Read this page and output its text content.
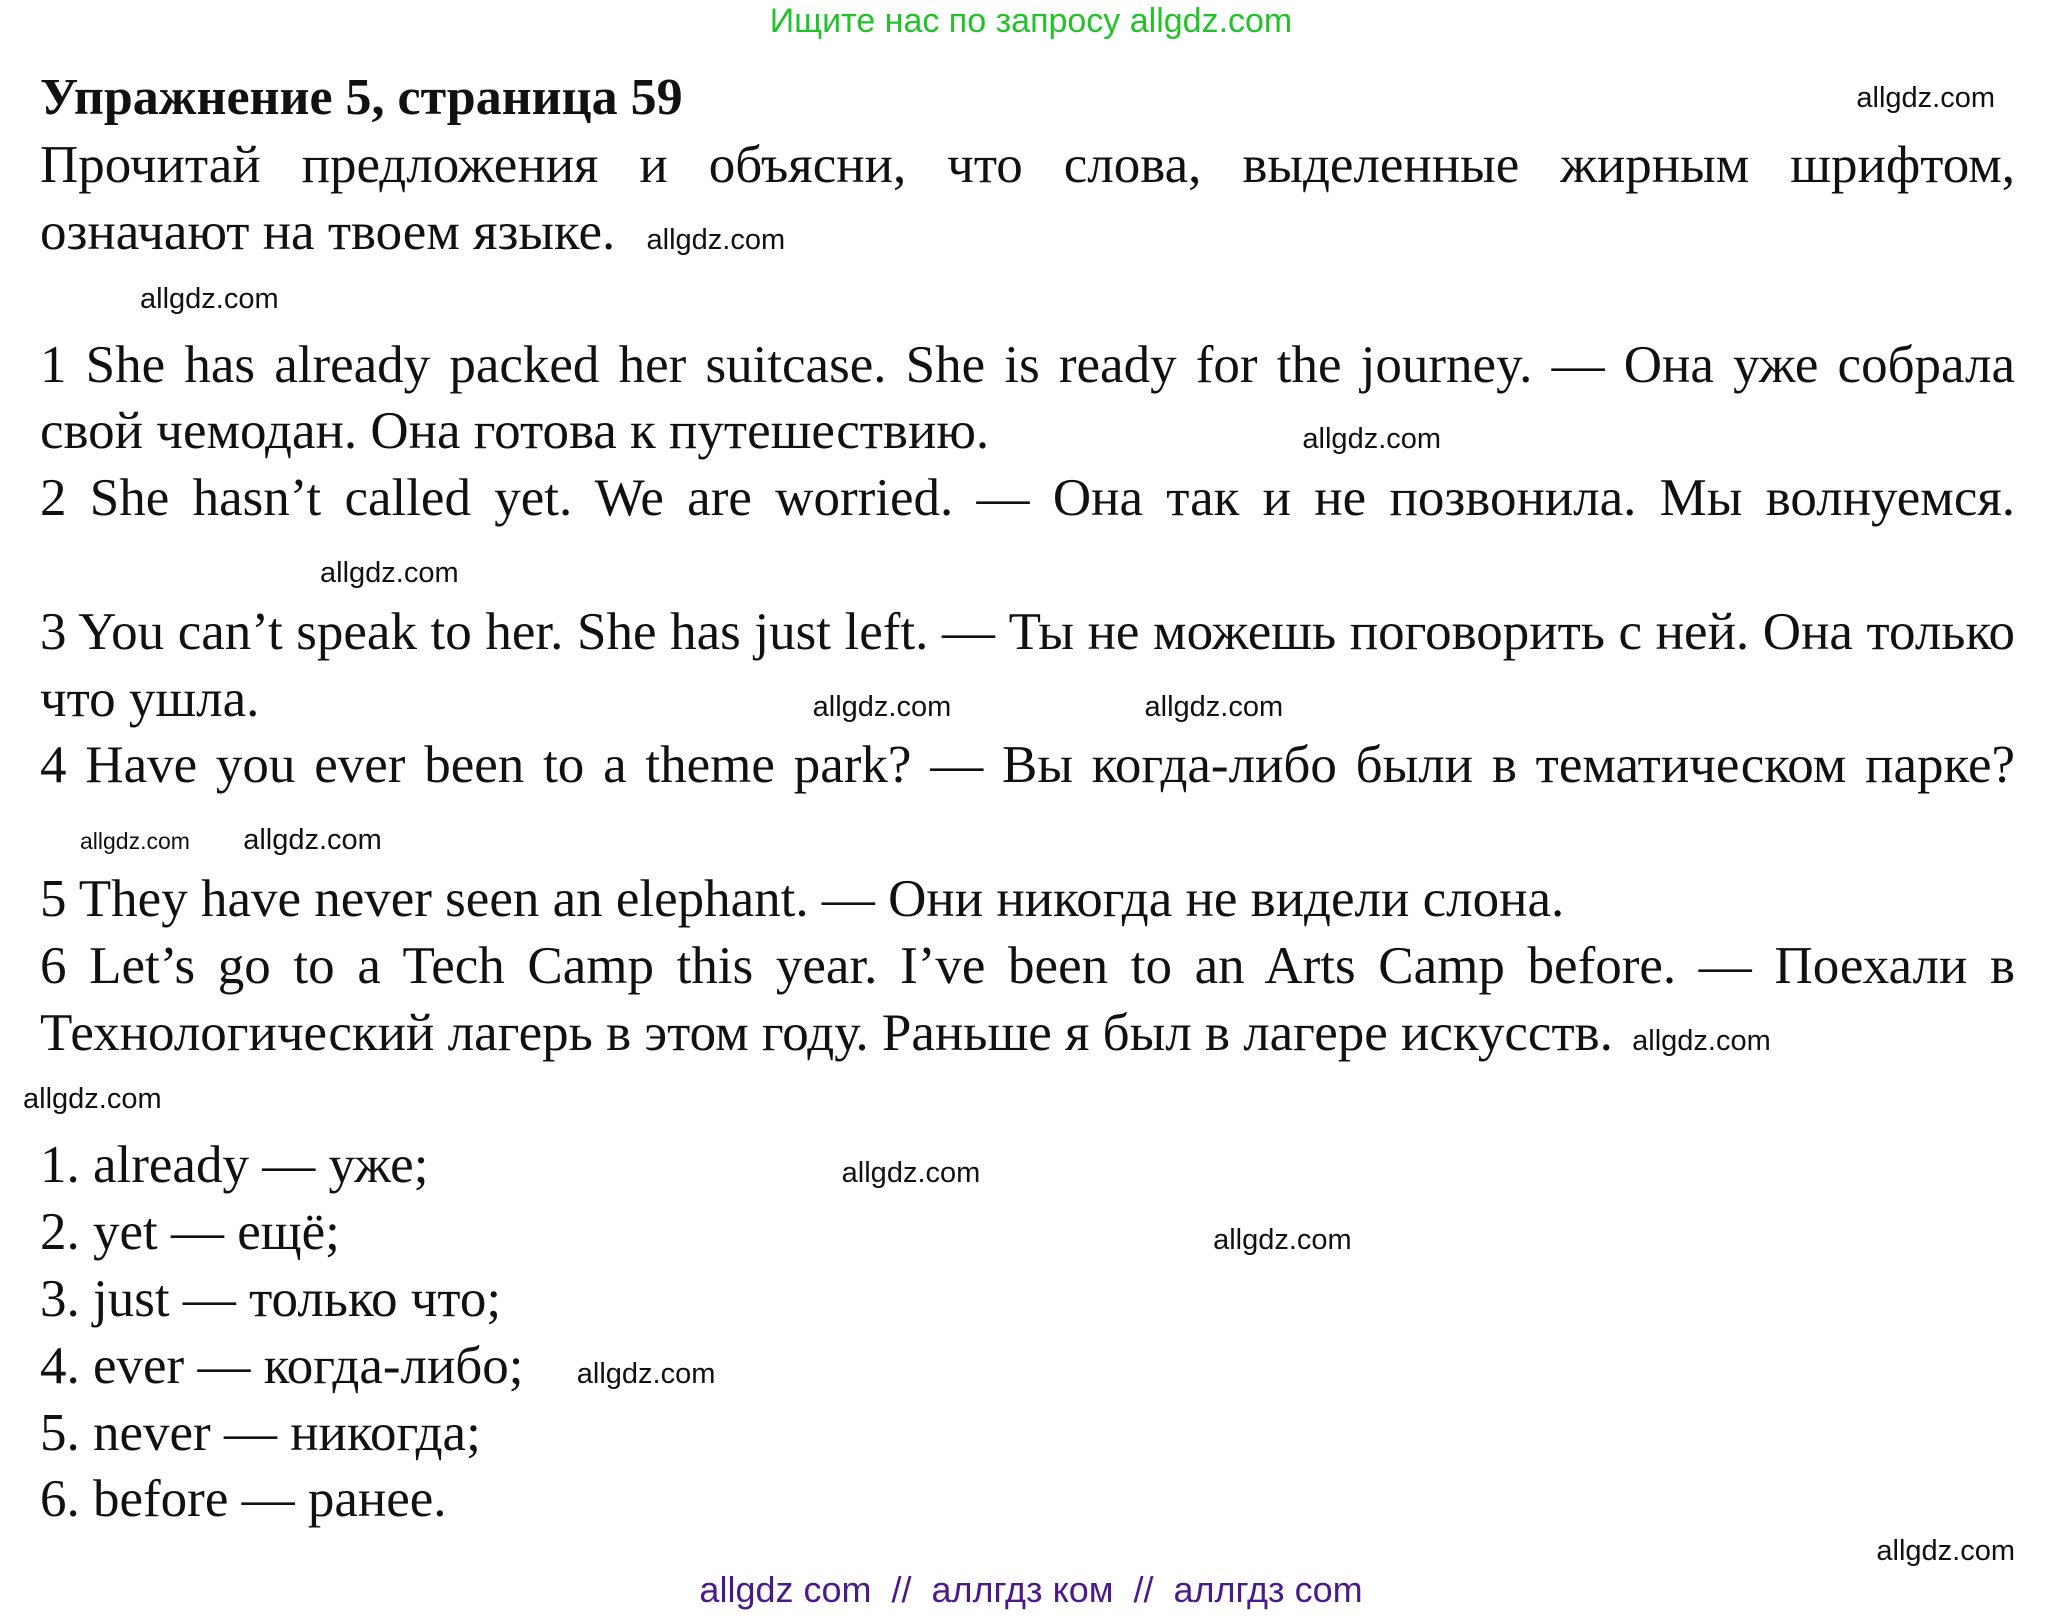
Ищите нас по запросу allgdz.com
Упражнение 5, страница 59	allgdz.com

Прочитай предложения и объясни, что слова, выделенные жирным шрифтом, означают на твоем языке. allgdz.com

allgdz.com

1 She has already packed her suitcase. She is ready for the journey. — Она уже собрала свой чемодан. Она готова к путешествию.	allgdz.com

2 She hasn’t called yet. We are worried. — Она так и не позвонила. Мы волнуемся. allgdz.com

3 You can’t speak to her. She has just left. — Ты не можешь поговорить с ней. Она только что ушла.	allgdz.com	allgdz.com

4 Have you ever been to a theme park? — Вы когда-либо были в тематическом парке? allgdz.com allgdz.com

5 They have never seen an elephant. — Они никогда не видели слона.

6 Let’s go to a Tech Camp this year. I’ve been to an Arts Camp before. — Поехали в Технологический лагерь в этом году. Раньше я был в лагере искусств. allgdz.com

allgdz.com

1. already — уже;	allgdz.com

2. yet — ещё;	allgdz.com

3. just — только что;

4. ever — когда-либо; allgdz.com

5. never — никогда;

6. before — ранее.

allgdz.com
allgdz com  //  аллгдз ком  //  аллгдз com
